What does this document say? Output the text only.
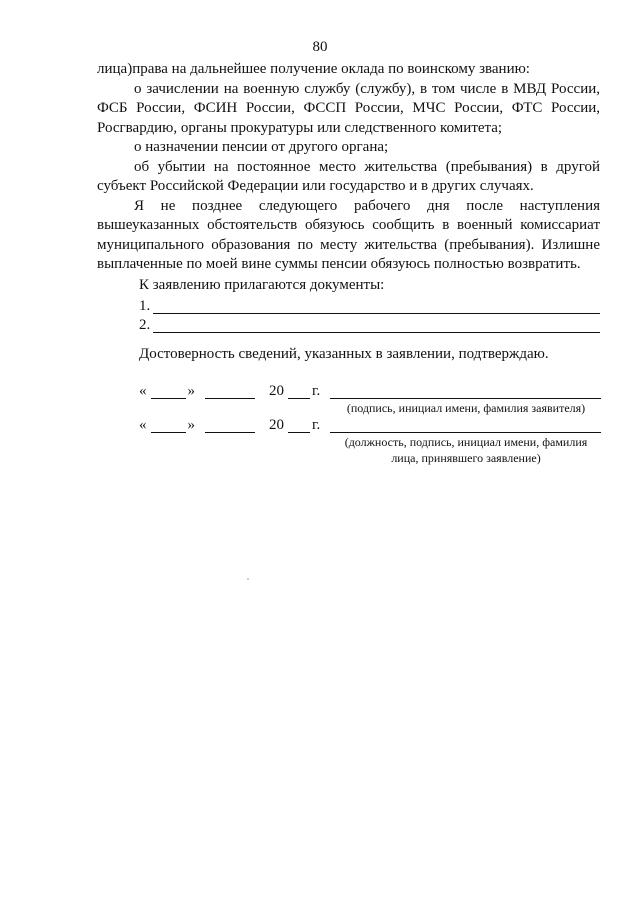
80

лица)права на дальнейшее получение оклада по воинскому званию:

о зачислении на военную службу (службу), в том числе в МВД России, ФСБ России, ФСИН России, ФССП России, МЧС России, ФТС России, Росгвардию, органы прокуратуры или следственного комитета;

о назначении пенсии от другого органа;

об убытии на постоянное место жительства (пребывания) в другой субъект Российской Федерации или государство и в других случаях.

Я не позднее следующего рабочего дня после наступления вышеуказанных обстоятельств обязуюсь сообщить в военный комиссариат муниципального образования по месту жительства (пребывания). Излишне выплаченные по моей вине суммы пенсии обязуюсь полностью возвратить.

К заявлению прилагаются документы:

1.
2.

Достоверность сведений, указанных в заявлении, подтверждаю.

«	»	20 г.
(подпись, инициал имени, фамилия заявителя)
«	»	20 г.
(должность, подпись, инициал имени, фамилия лица, принявшего заявление)
